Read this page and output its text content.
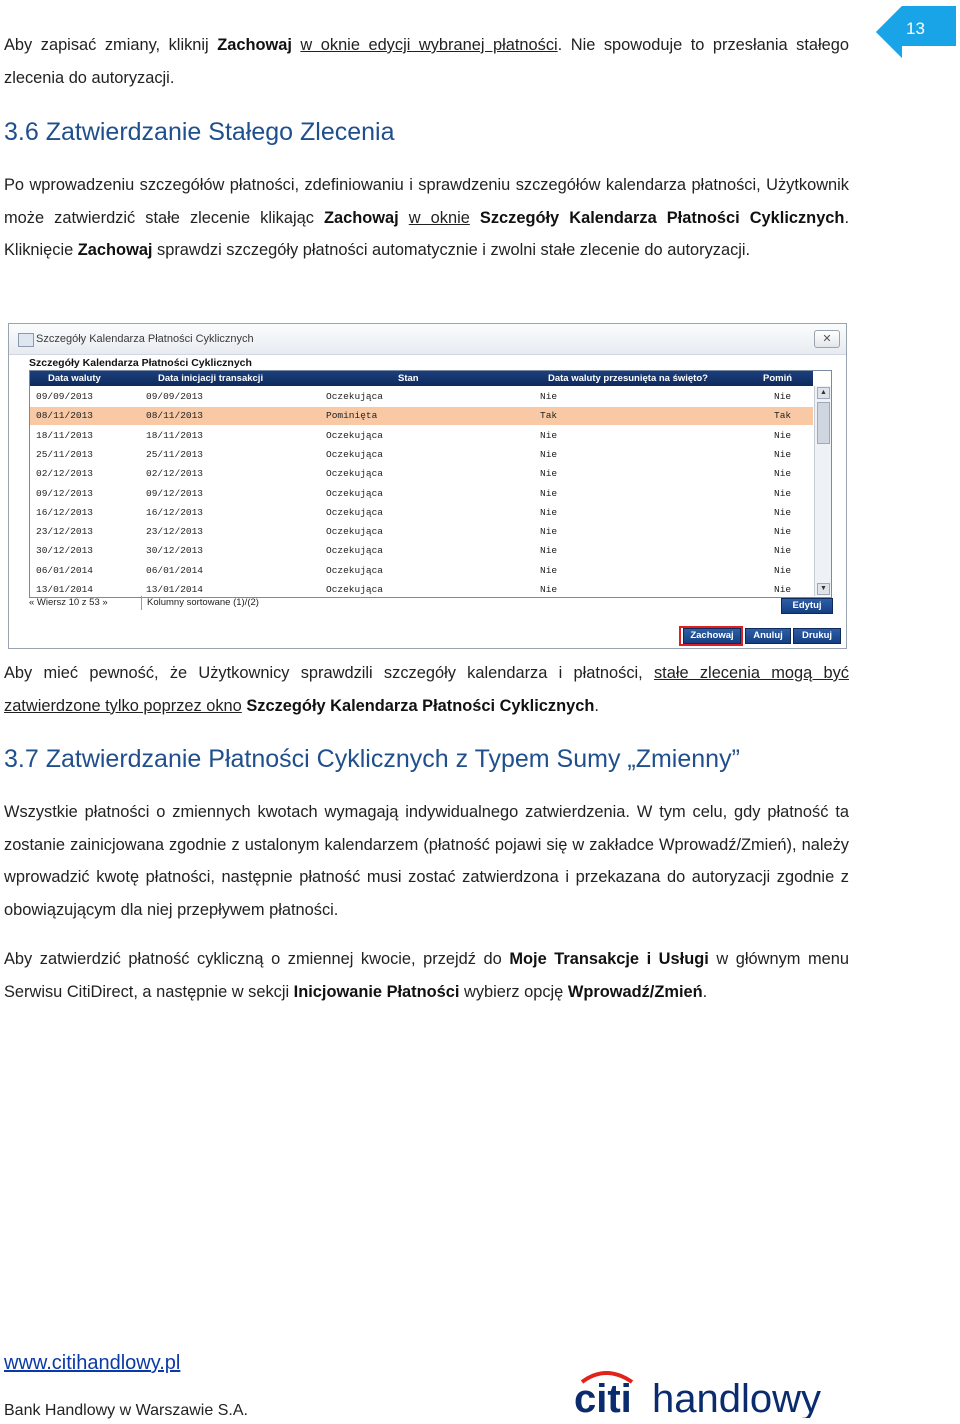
13

Aby zapisać zmiany, kliknij Zachowaj w oknie edycji wybranej płatności. Nie spowoduje to przesłania stałego zlecenia do autoryzacji.

3.6 Zatwierdzanie Stałego Zlecenia

Po wprowadzeniu szczegółów płatności, zdefiniowaniu i sprawdzeniu szczegółów kalendarza płatności, Użytkownik może zatwierdzić stałe zlecenie klikając Zachowaj w oknie Szczegóły Kalendarza Płatności Cyklicznych. Kliknięcie Zachowaj sprawdzi szczegóły płatności automatycznie i zwolni stałe zlecenie do autoryzacji.

Szczegóły Kalendarza Płatności Cyklicznych	✕
Szczegóły Kalendarza Płatności Cyklicznych
Data waluty	Data inicjacji transakcji	Stan	Data waluty przesunięta na święto?	Pomiń
09/09/2013	09/09/2013	Oczekująca	Nie	Nie
08/11/2013	08/11/2013	Pominięta	Tak	Tak
18/11/2013	18/11/2013	Oczekująca	Nie	Nie
25/11/2013	25/11/2013	Oczekująca	Nie	Nie
02/12/2013	02/12/2013	Oczekująca	Nie	Nie
09/12/2013	09/12/2013	Oczekująca	Nie	Nie
16/12/2013	16/12/2013	Oczekująca	Nie	Nie
23/12/2013	23/12/2013	Oczekująca	Nie	Nie
30/12/2013	30/12/2013	Oczekująca	Nie	Nie
06/01/2014	06/01/2014	Oczekująca	Nie	Nie
13/01/2014	13/01/2014	Oczekująca	Nie	Nie
▲
▼
« Wiersz 10 z 53 »	Kolumny sortowane (1)/(2)	Edytuj
Zachowaj	Anuluj	Drukuj

Aby mieć pewność, że Użytkownicy sprawdzili szczegóły kalendarza i płatności, stałe zlecenia mogą być zatwierdzone tylko poprzez okno Szczegóły Kalendarza Płatności Cyklicznych.

3.7 Zatwierdzanie Płatności Cyklicznych z Typem Sumy „Zmienny”

Wszystkie płatności o zmiennych kwotach wymagają indywidualnego zatwierdzenia. W tym celu, gdy płatność ta zostanie zainicjowana zgodnie z ustalonym kalendarzem (płatność pojawi się w zakładce Wprowadź/Zmień), należy wprowadzić kwotę płatności, następnie płatność musi zostać zatwierdzona i przekazana do autoryzacji zgodnie z obowiązującym dla niej przepływem płatności.

Aby zatwierdzić płatność cykliczną o zmiennej kwocie, przejdź do Moje Transakcje i Usługi w głównym menu Serwisu CitiDirect, a następnie w sekcji Inicjowanie Płatności wybierz opcję Wprowadź/Zmień.

www.citihandlowy.pl
Bank Handlowy w Warszawie S.A.	citi handlowy
